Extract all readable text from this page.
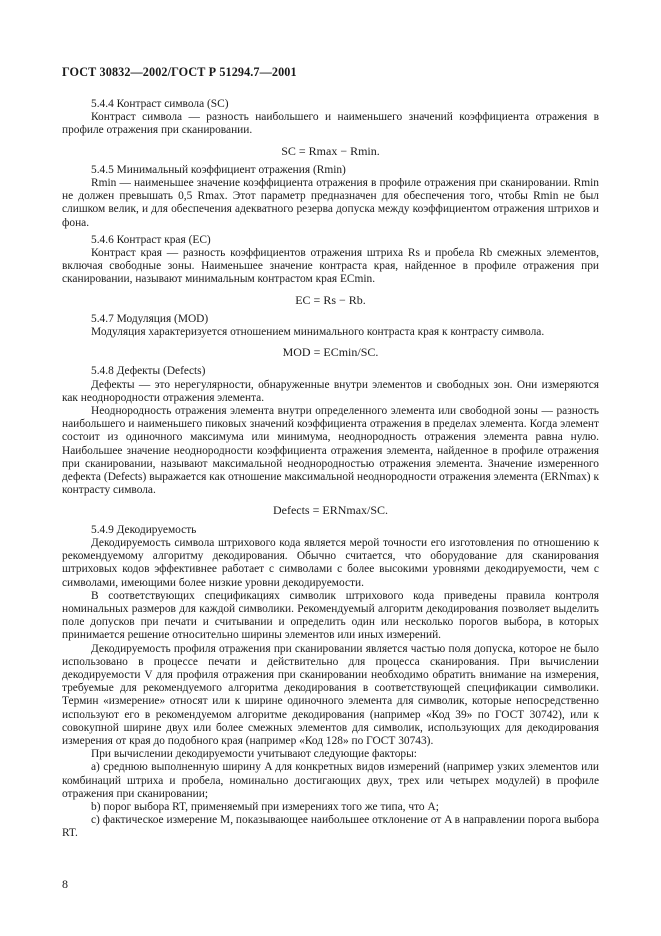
ГОСТ 30832—2002/ГОСТ Р 51294.7—2001
5.4.4 Контраст символа (SC)
Контраст символа — разность наибольшего и наименьшего значений коэффициента отражения в профиле отражения при сканировании.
SC = Rmax − Rmin.
5.4.5 Минимальный коэффициент отражения (Rmin)
Rmin — наименьшее значение коэффициента отражения в профиле отражения при сканировании. Rmin не должен превышать 0,5 Rmax. Этот параметр предназначен для обеспечения того, чтобы Rmin не был слишком велик, и для обеспечения адекватного резерва допуска между коэффициентом отражения штрихов и фона.
5.4.6 Контраст края (EC)
Контраст края — разность коэффициентов отражения штриха Rs и пробела Rb смежных элементов, включая свободные зоны. Наименьшее значение контраста края, найденное в профиле отражения при сканировании, называют минимальным контрастом края ECmin.
EC = Rs − Rb.
5.4.7 Модуляция (MOD)
Модуляция характеризуется отношением минимального контраста края к контрасту символа.
MOD = ECmin/SC.
5.4.8 Дефекты (Defects)
Дефекты — это нерегулярности, обнаруженные внутри элементов и свободных зон. Они измеряются как неоднородности отражения элемента.
Неоднородность отражения элемента внутри определенного элемента или свободной зоны — разность наибольшего и наименьшего пиковых значений коэффициента отражения в пределах элемента. Когда элемент состоит из одиночного максимума или минимума, неоднородность отражения элемента равна нулю. Наибольшее значение неоднородности коэффициента отражения элемента, найденное в профиле отражения при сканировании, называют максимальной неоднородностью отражения элемента. Значение измеренного дефекта (Defects) выражается как отношение максимальной неоднородности отражения элемента (ERNmax) к контрасту символа.
Defects = ERNmax/SC.
5.4.9 Декодируемость
Декодируемость символа штрихового кода является мерой точности его изготовления по отношению к рекомендуемому алгоритму декодирования. Обычно считается, что оборудование для сканирования штриховых кодов эффективнее работает с символами с более высокими уровнями декодируемости, чем с символами, имеющими более низкие уровни декодируемости.
В соответствующих спецификациях символик штрихового кода приведены правила контроля номинальных размеров для каждой символики. Рекомендуемый алгоритм декодирования позволяет выделить поле допусков при печати и считывании и определить один или несколько порогов выбора, в которых принимается решение относительно ширины элементов или иных измерений.
Декодируемость профиля отражения при сканировании является частью поля допуска, которое не было использовано в процессе печати и действительно для процесса сканирования. При вычислении декодируемости V для профиля отражения при сканировании необходимо обратить внимание на измерения, требуемые для рекомендуемого алгоритма декодирования в соответствующей спецификации символики. Термин «измерение» относят или к ширине одиночного элемента для символик, которые непосредственно используют его в рекомендуемом алгоритме декодирования (например «Код 39» по ГОСТ 30742), или к совокупной ширине двух или более смежных элементов для символик, использующих для декодирования измерения от края до подобного края (например «Код 128» по ГОСТ 30743).
При вычислении декодируемости учитывают следующие факторы:
а) среднюю выполненную ширину A для конкретных видов измерений (например узких элементов или комбинаций штриха и пробела, номинально достигающих двух, трех или четырех модулей) в профиле отражения при сканировании;
b) порог выбора RT, применяемый при измерениях того же типа, что A;
с) фактическое измерение M, показывающее наибольшее отклонение от A в направлении порога выбора RT.
8
